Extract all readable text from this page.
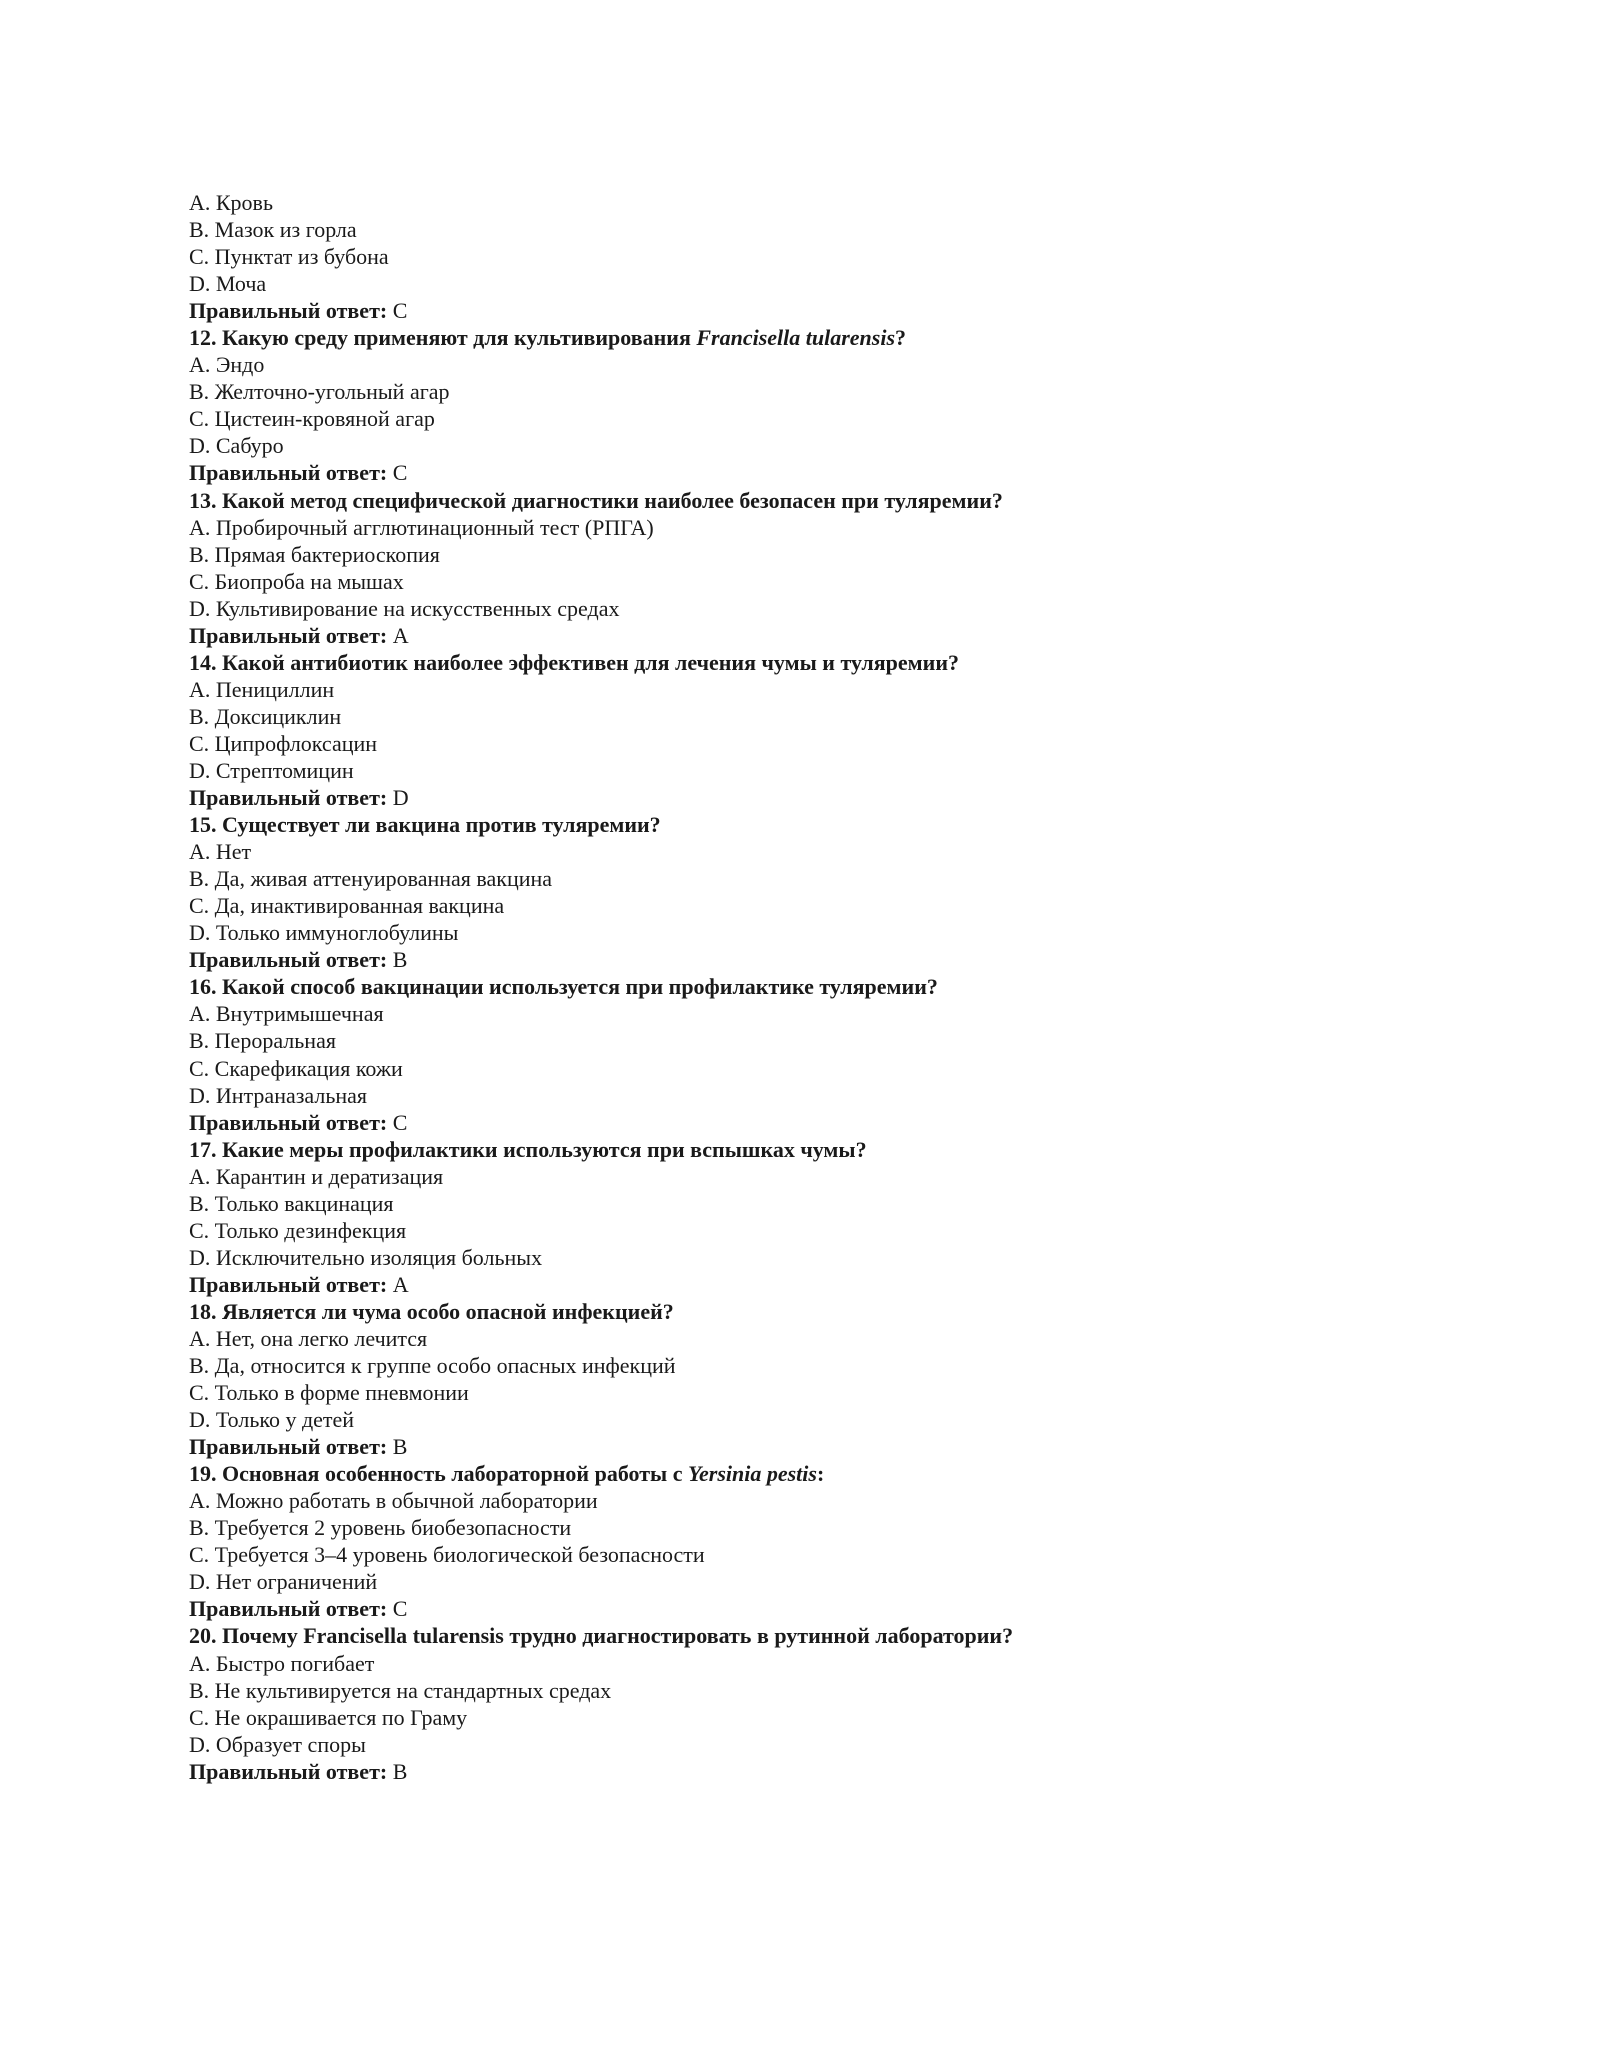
A. Кровь
B. Мазок из горла
C. Пунктат из бубона
D. Моча
Правильный ответ: C
12. Какую среду применяют для культивирования Francisella tularensis?
A. Эндо
B. Желточно-угольный агар
C. Цистеин-кровяной агар
D. Сабуро
Правильный ответ: C
13. Какой метод специфической диагностики наиболее безопасен при туляремии?
A. Пробирочный агглютинационный тест (РПГА)
B. Прямая бактериоскопия
C. Биопроба на мышах
D. Культивирование на искусственных средах
Правильный ответ: A
14. Какой антибиотик наиболее эффективен для лечения чумы и туляремии?
A. Пенициллин
B. Доксициклин
C. Ципрофлоксацин
D. Стрептомицин
Правильный ответ: D
15. Существует ли вакцина против туляремии?
A. Нет
B. Да, живая аттенуированная вакцина
C. Да, инактивированная вакцина
D. Только иммуноглобулины
Правильный ответ: B
16. Какой способ вакцинации используется при профилактике туляремии?
A. Внутримышечная
B. Пероральная
C. Скарефикация кожи
D. Интраназальная
Правильный ответ: C
17. Какие меры профилактики используются при вспышках чумы?
A. Карантин и дератизация
B. Только вакцинация
C. Только дезинфекция
D. Исключительно изоляция больных
Правильный ответ: A
18. Является ли чума особо опасной инфекцией?
A. Нет, она легко лечится
B. Да, относится к группе особо опасных инфекций
C. Только в форме пневмонии
D. Только у детей
Правильный ответ: B
19. Основная особенность лабораторной работы с Yersinia pestis:
A. Можно работать в обычной лаборатории
B. Требуется 2 уровень биобезопасности
C. Требуется 3–4 уровень биологической безопасности
D. Нет ограничений
Правильный ответ: C
20. Почему Francisella tularensis трудно диагностировать в рутинной лаборатории?
A. Быстро погибает
B. Не культивируется на стандартных средах
C. Не окрашивается по Граму
D. Образует споры
Правильный ответ: B
